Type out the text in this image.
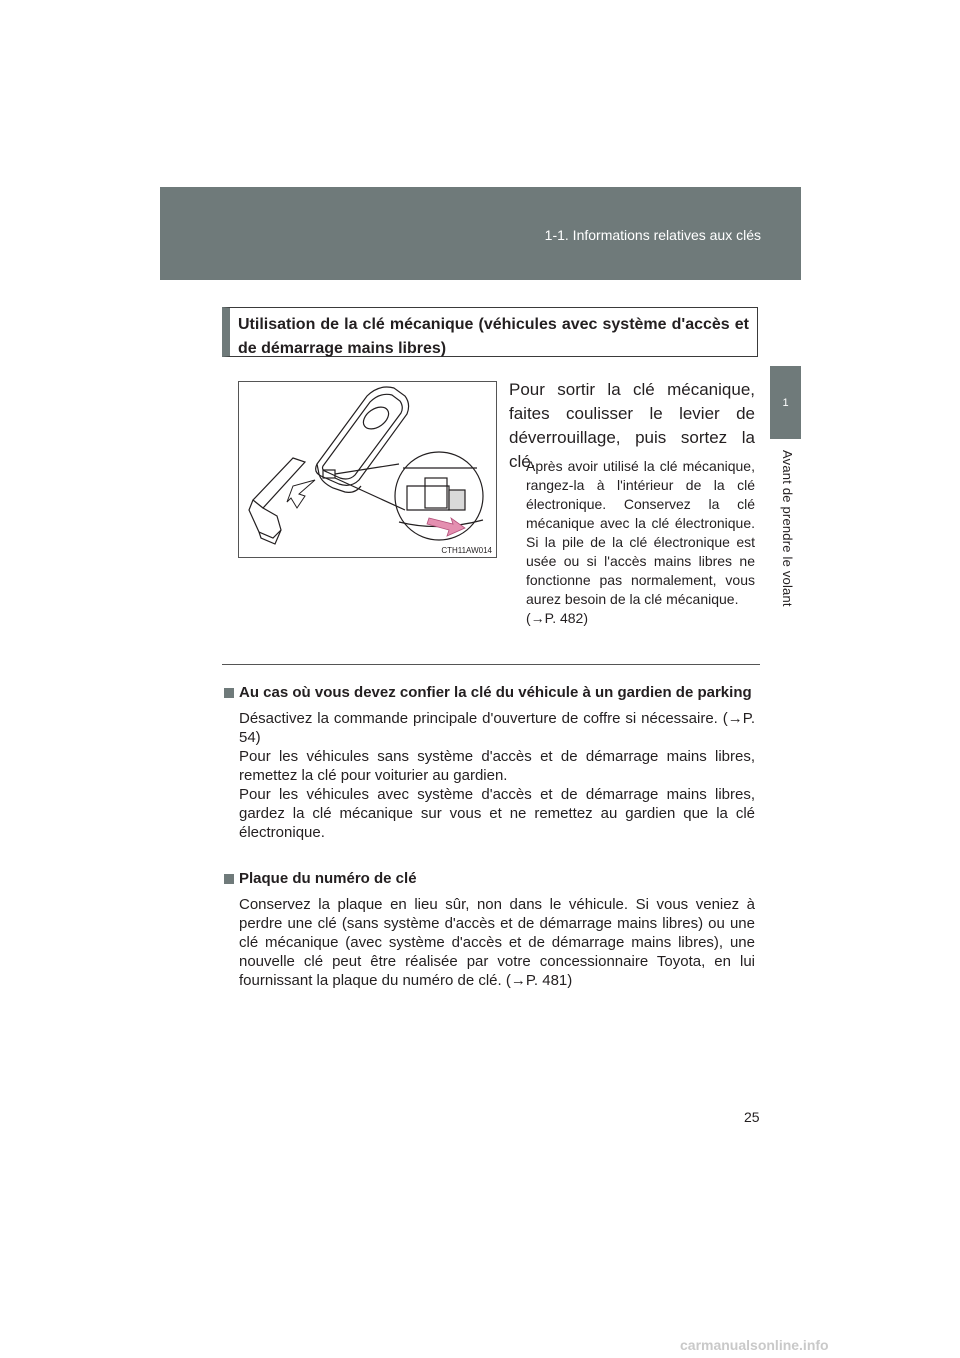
1-1. Informations relatives aux clés
1
Avant de prendre le volant
Utilisation de la clé mécanique (véhicules avec système d'accès et de démarrage mains libres)
CTH11AW014
Pour sortir la clé mécanique, faites coulisser le levier de déverrouillage, puis sortez la clé.
Après avoir utilisé la clé mécanique, rangez-la à l'intérieur de la clé électronique. Conservez la clé mécanique avec la clé électronique. Si la pile de la clé électronique est usée ou si l'accès mains libres ne fonctionne pas normalement, vous aurez besoin de la clé mécanique.
(→P. 482)
Au cas où vous devez confier la clé du véhicule à un gardien de parking

Désactivez la commande principale d'ouverture de coffre si nécessaire. (→P. 54)

Pour les véhicules sans système d'accès et de démarrage mains libres, remettez la clé pour voiturier au gardien.

Pour les véhicules avec système d'accès et de démarrage mains libres, gardez la clé mécanique sur vous et ne remettez au gardien que la clé électronique.

Plaque du numéro de clé

Conservez la plaque en lieu sûr, non dans le véhicule. Si vous veniez à perdre une clé (sans système d'accès et de démarrage mains libres) ou une clé mécanique (avec système d'accès et de démarrage mains libres), une nouvelle clé peut être réalisée par votre concessionnaire Toyota, en lui fournissant la plaque du numéro de clé. (→P. 481)

25
carmanualsonline.info
